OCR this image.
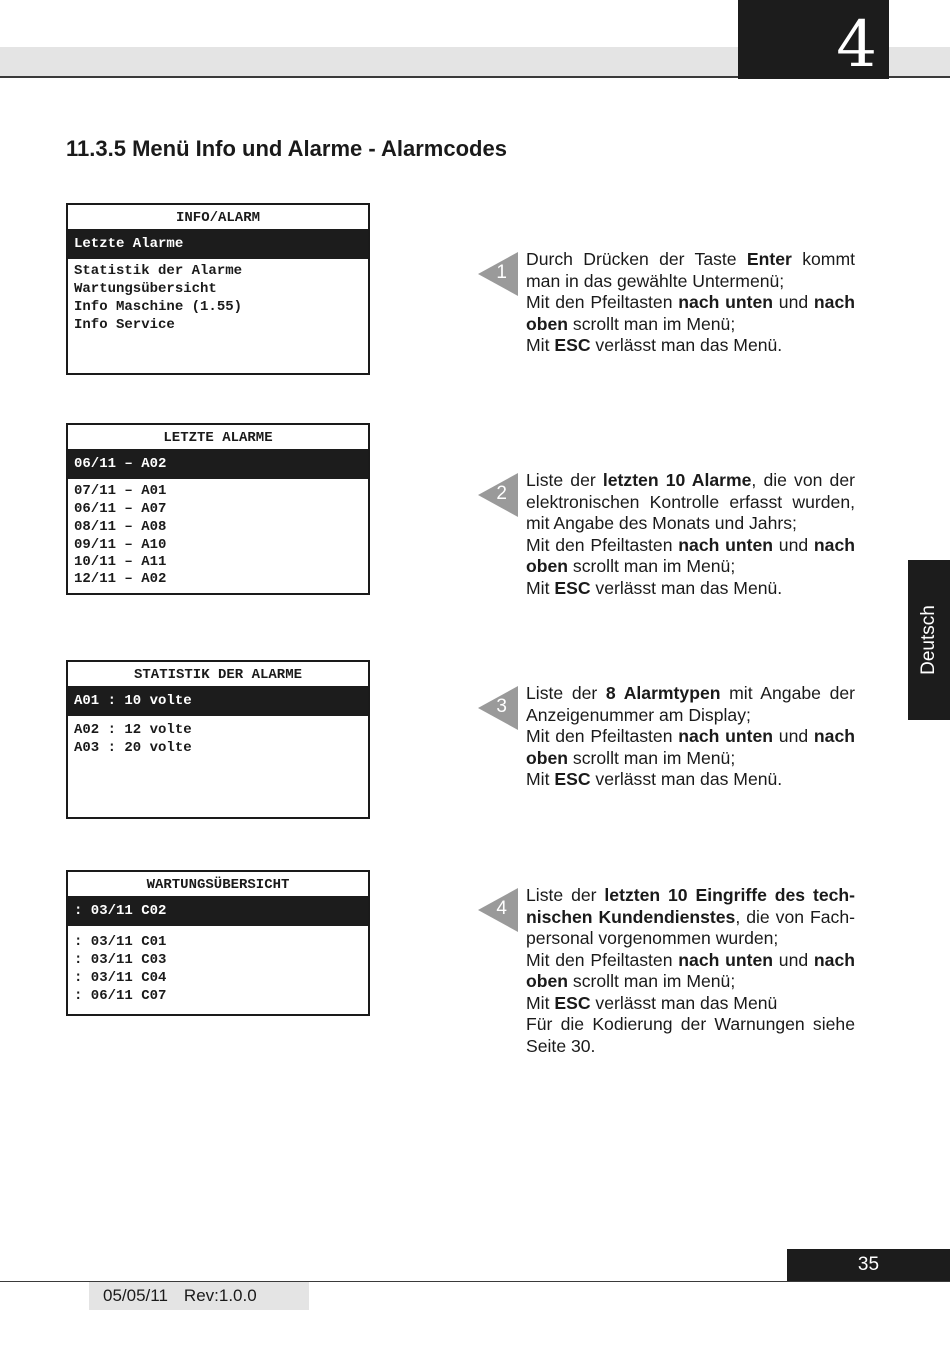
4
11.3.5 Menü Info und Alarme - Alarmcodes
INFO/ALARM
Letzte Alarme
Statistik der Alarme
Wartungsübersicht
Info Maschine (1.55)
Info Service
LETZTE ALARME
06/11 – A02
07/11 – A01
06/11 – A07
08/11 – A08
09/11 – A10
10/11 – A11
12/11 – A02
STATISTIK DER ALARME
A01 : 10 volte
A02 : 12 volte
A03 : 20 volte
WARTUNGSÜBERSICHT
: 03/11 C02
: 03/11 C01
: 03/11 C03
: 03/11 C04
: 06/11 C07
1
2
3
4

Durch Drücken der Taste Enter kommt man in das gewählte Untermenü;

Mit den Pfeiltasten nach unten und nach oben scrollt man im Menü;

Mit ESC verlässt man das Menü.

Liste der letzten 10 Alarme, die von der elektronischen Kontrolle erfasst wurden, mit Angabe des Monats und Jahrs;

Mit den Pfeiltasten nach unten und nach oben scrollt man im Menü;

Mit ESC verlässt man das Menü.

Liste der 8 Alarmtypen mit Angabe der Anzeigenummer am Display;

Mit den Pfeiltasten nach unten und nach oben scrollt man im Menü;

Mit ESC verlässt man das Menü.

Liste der letzten 10 Eingriffe des tech-nischen Kundendienstes, die von Fach-personal vorgenommen wurden;

Mit den Pfeiltasten nach unten und nach oben scrollt man im Menü;

Mit ESC verlässt man das Menü

Für die Kodierung der Warnungen siehe Seite 30.

Deutsch
35
05/05/11 Rev:1.0.0
